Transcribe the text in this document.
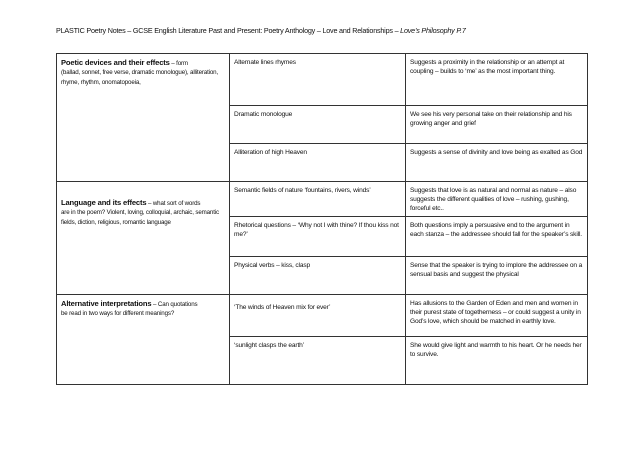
PLASTIC Poetry Notes – GCSE English Literature Past and Present: Poetry Anthology – Love and Relationships – Love’s Philosophy P.7
Poetic devices and their effects – form
(ballad, sonnet, free verse, dramatic monologue), alliteration, rhyme, rhythm, onomatopoeia,	Alternate lines rhymes	Suggests a proximity in the relationship or an attempt at coupling – builds to ‘me’ as the most important thing.
	Dramatic monologue	We see his very personal take on their relationship and his growing anger and grief
	Alliteration of high Heaven	Suggests a sense of divinity and love being as exalted as God
Language and its effects – what sort of words
are in the poem? Violent, loving, colloquial, archaic, semantic fields, diction, religious, romantic language	Semantic fields of nature ‘fountains, rivers, winds’	Suggests that love is as natural and normal as nature – also suggests the different qualities of love – rushing, gushing, forceful etc..
	Rhetorical questions – ‘Why not I with thine? If thou kiss not me?’	Both questions imply a persuasive end to the argument in each stanza – the addressee should fall for the speaker’s skill.
	Physical verbs – kiss, clasp	Sense that the speaker is trying to implore the addressee on a sensual basis and suggest the physical
Alternative interpretations – Can quotations
be read in two ways for different meanings?	‘The winds of Heaven mix for ever’	Has allusions to the Garden of Eden and men and women in their purest state of togetherness – or could suggest a unity in God’s love, which should be matched in earthly love.
	‘sunlight clasps the earth’	She would give light and warmth to his heart. Or he needs her to survive.
